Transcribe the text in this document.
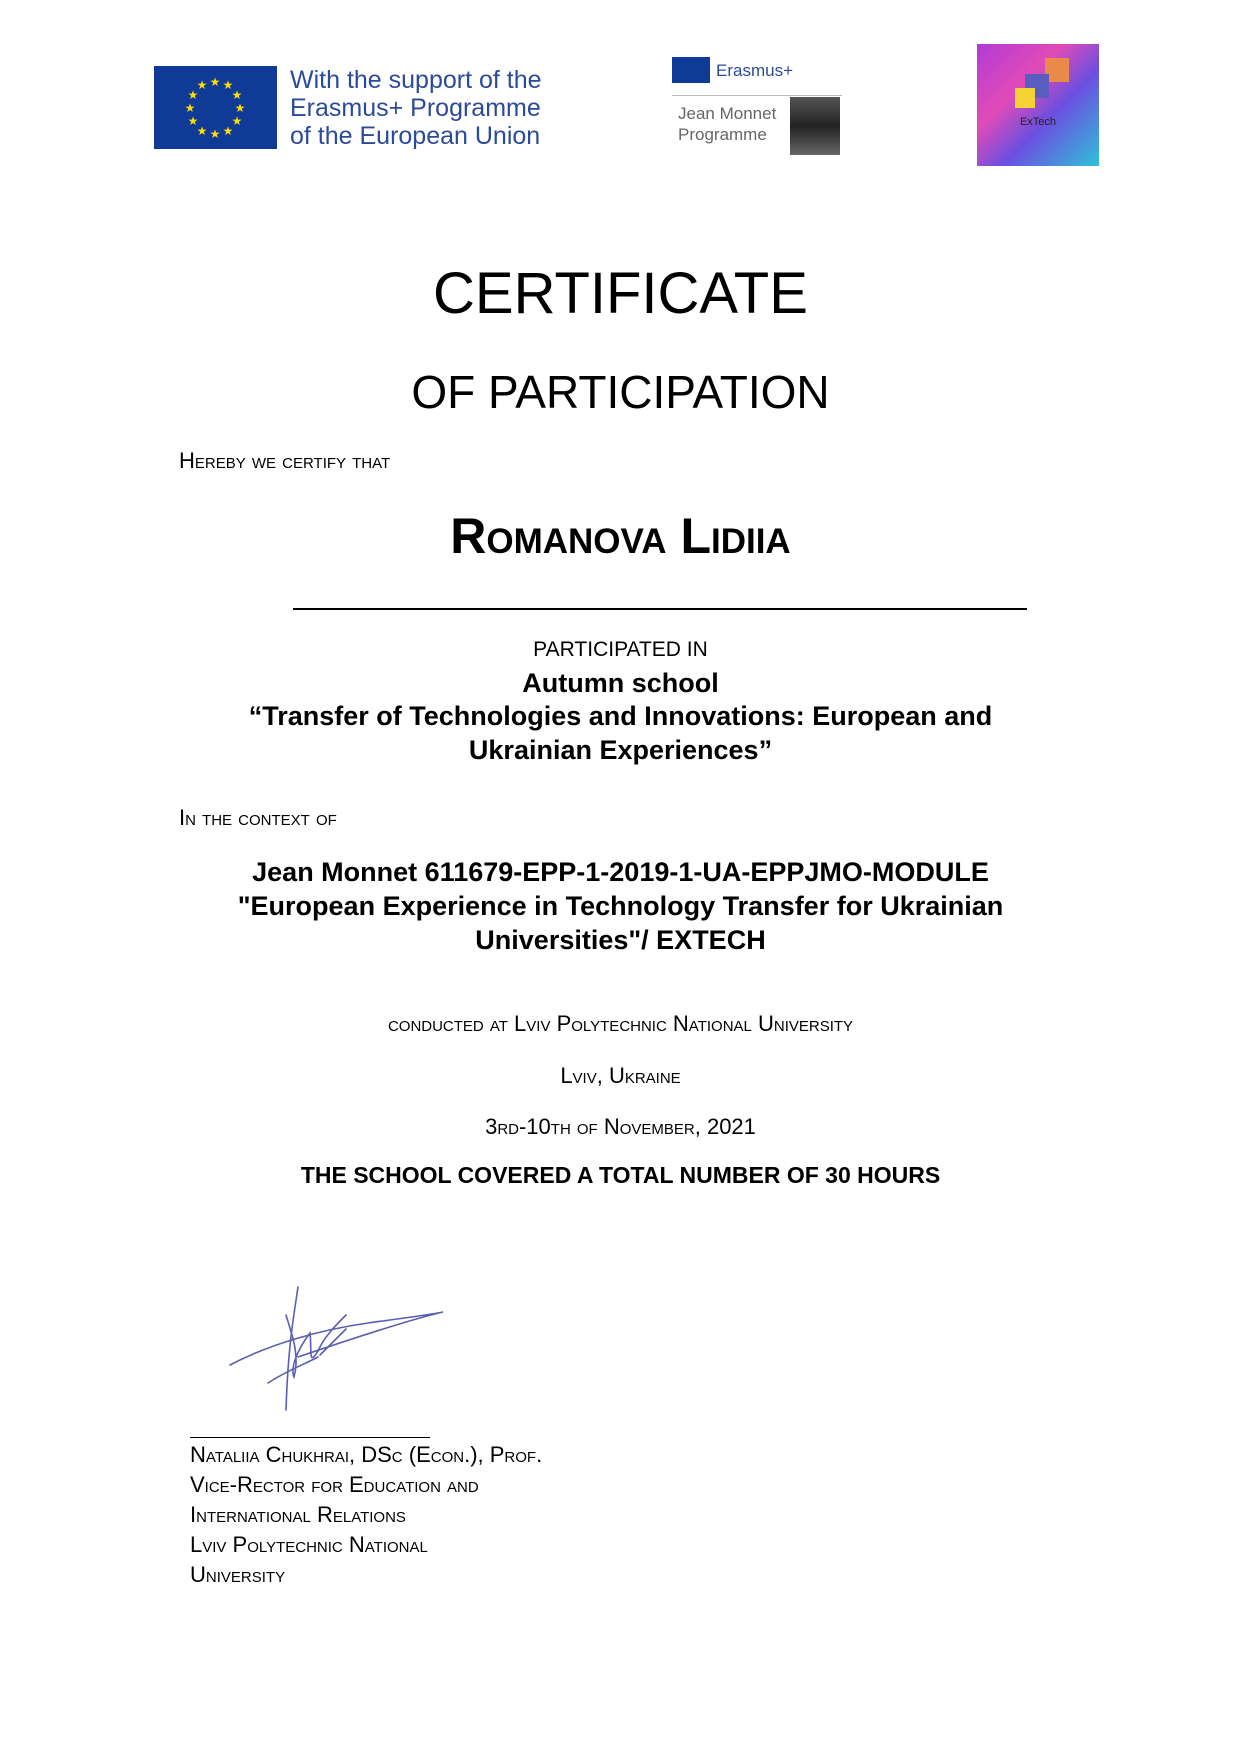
★ ★
★
★
★
★
★
★
★
★
★
★	With the support of the
Erasmus+ Programme
of the European Union
Erasmus+
Jean Monnet
Programme
ExTech
CERTIFICATE
OF PARTICIPATION
Hereby we certify that
Romanova Lidiia
PARTICIPATED IN
Autumn school
“Transfer of Technologies and Innovations: European and Ukrainian Experiences”
In the context of
Jean Monnet 611679-EPP-1-2019-1-UA-EPPJMO-MODULE
"European Experience in Technology Transfer for Ukrainian Universities"/ EXTECH
conducted at Lviv Polytechnic National University
Lviv, Ukraine
3rd-10th of November, 2021
THE SCHOOL COVERED A TOTAL NUMBER OF 30 HOURS
Nataliia Chukhrai, DSc (Econ.), Prof.
Vice-Rector for Education and
International Relations
Lviv Polytechnic National
University
